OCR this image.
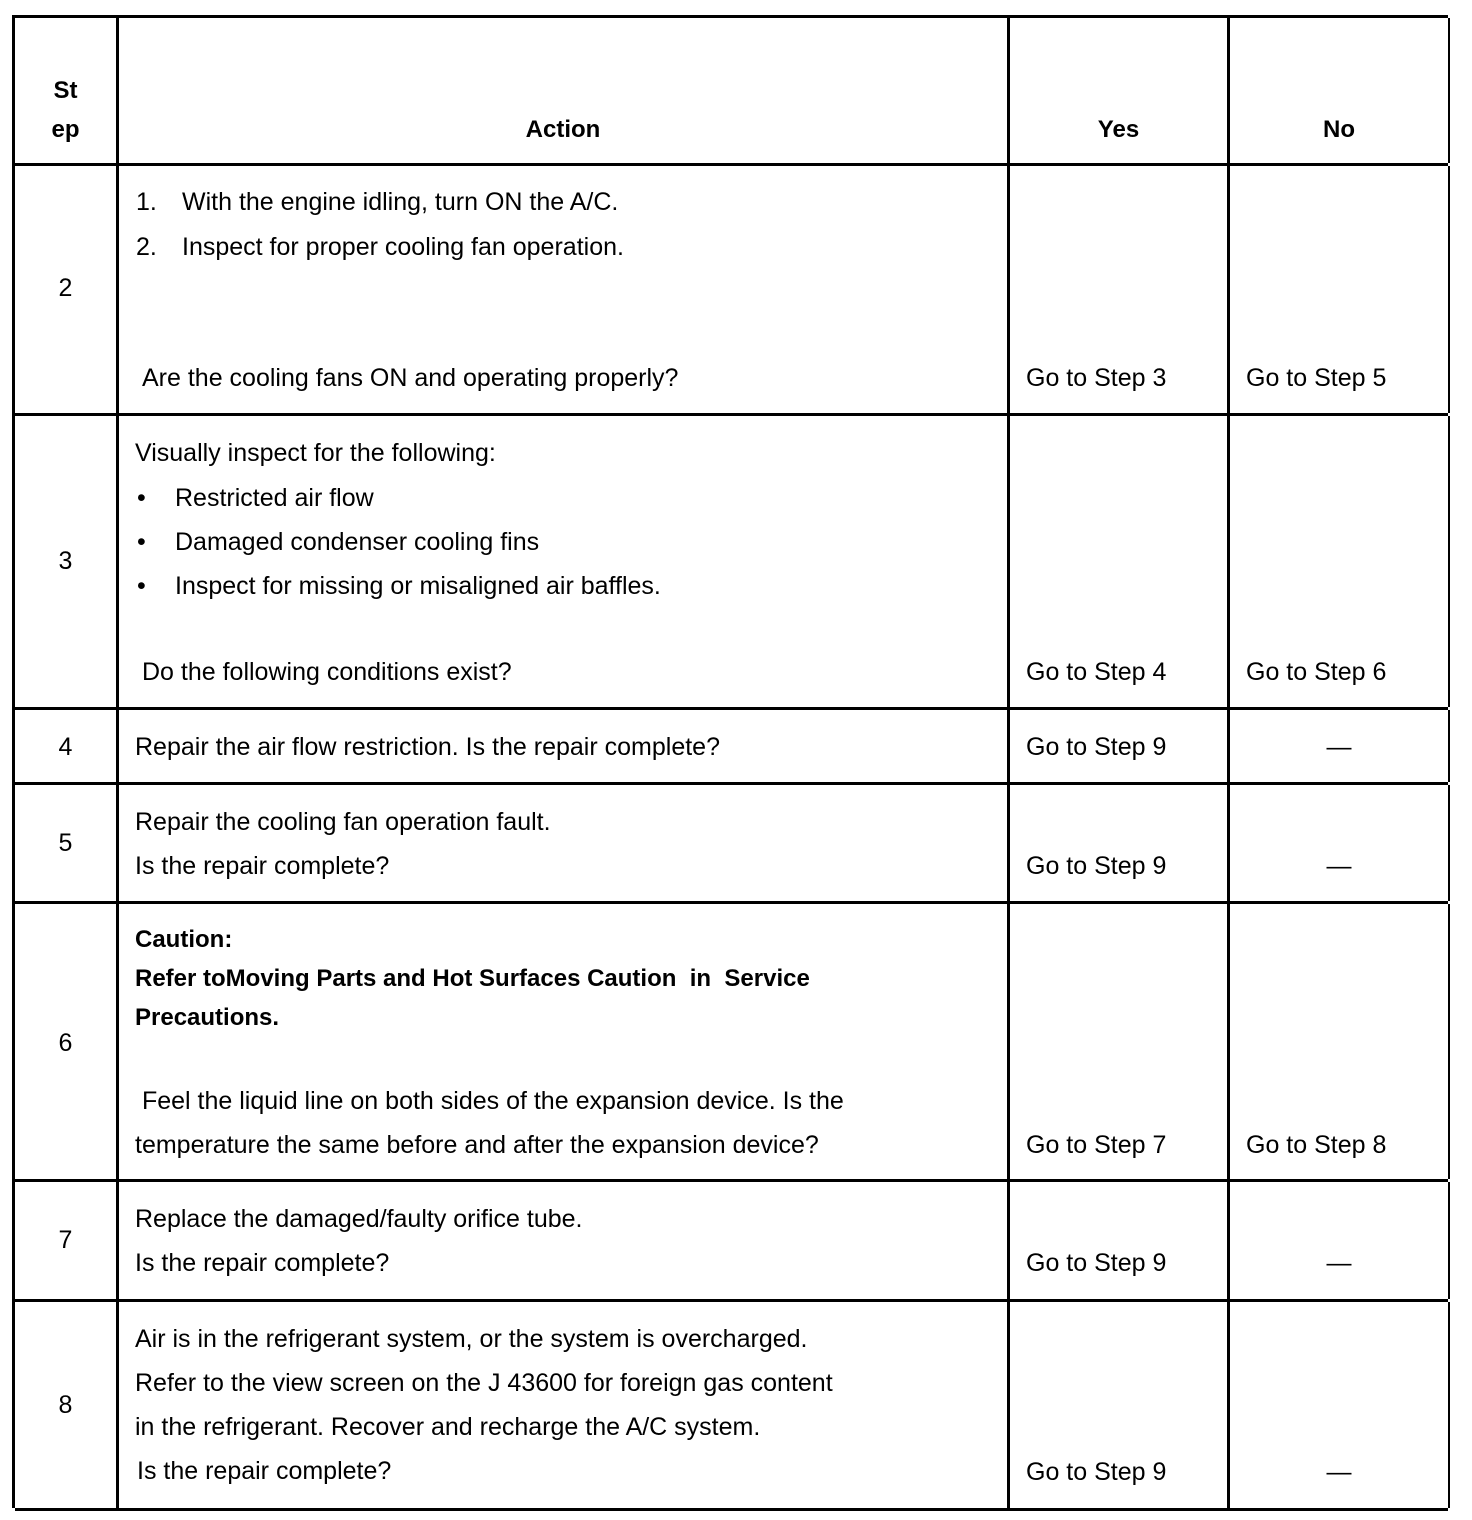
St
ep	Action	Yes	No
2
1. With the engine idling, turn ON the A/C.
2. Inspect for proper cooling fan operation.
Are the cooling fans ON and operating properly?	Go to Step 3	Go to Step 5
3
Visually inspect for the following:
• Restricted air flow
• Damaged condenser cooling fins
• Inspect for missing or misaligned air baffles.
Do the following conditions exist?	Go to Step 4	Go to Step 6
4	Repair the air flow restriction. Is the repair complete?	Go to Step 9	—
5
Repair the cooling fan operation fault.
Is the repair complete?	Go to Step 9	—
6
Caution:
Refer toMoving Parts and Hot Surfaces Caution  in  Service
Precautions.
Feel the liquid line on both sides of the expansion device. Is the
temperature the same before and after the expansion device?	Go to Step 7	Go to Step 8
7
Replace the damaged/faulty orifice tube.
Is the repair complete?	Go to Step 9	—
8
Air is in the refrigerant system, or the system is overcharged.
Refer to the view screen on the J 43600 for foreign gas content
in the refrigerant. Recover and recharge the A/C system.
Is the repair complete?	Go to Step 9	—
